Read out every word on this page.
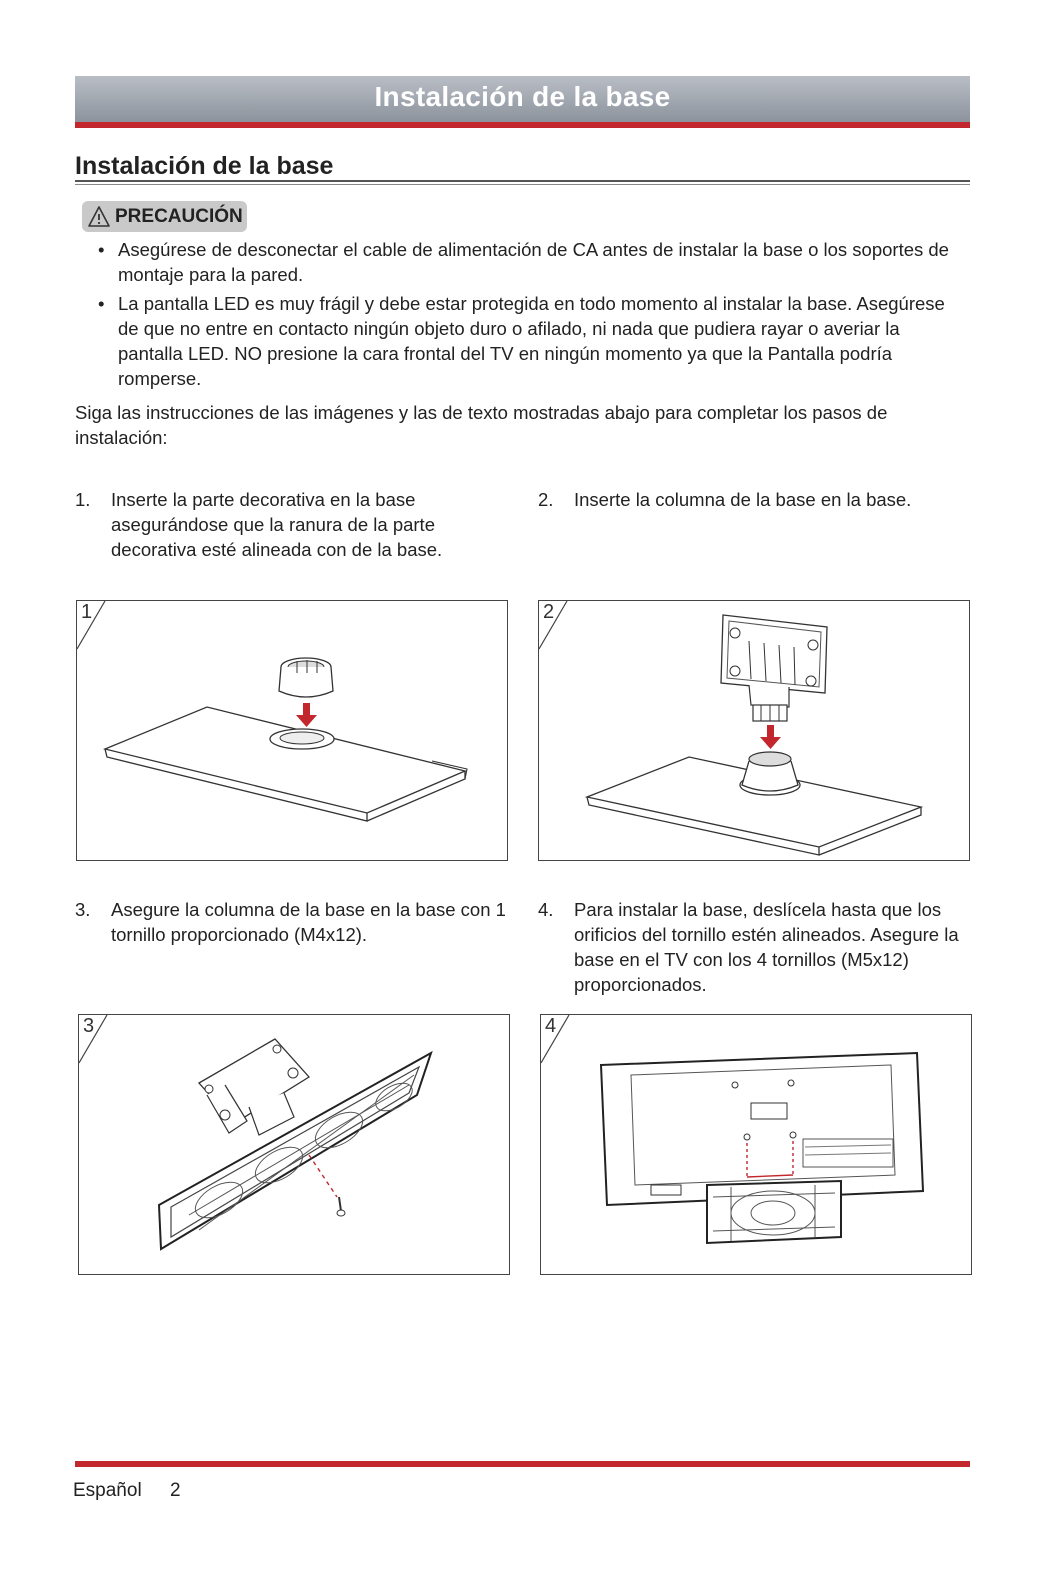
Instalación de la base
Instalación de la base
PRECAUCIÓN
• Asegúrese de desconectar el cable de alimentación de CA antes de instalar la base o los soportes de montaje para la pared.
• La pantalla LED es muy frágil y debe estar protegida en todo momento al instalar la base. Asegúrese de que no entre en contacto ningún objeto duro o afilado, ni nada que pudiera rayar o averiar la pantalla LED. NO presione la cara frontal del TV en ningún momento ya que la Pantalla podría romperse.
Siga las instrucciones de las imágenes y las de texto mostradas abajo para completar los pasos de instalación:
1. Inserte la parte decorativa en la base asegurándose que la ranura de la parte decorativa esté alineada con de la base.
2. Inserte la columna de la base en la base.
1	2
3. Asegure la columna de la base en la base con 1 tornillo proporcionado (M4x12).
4. Para instalar la base, deslícela hasta que los orificios del tornillo estén alineados. Asegure la base en el TV con los 4 tornillos (M5x12) proporcionados.
3	4
Español 2
